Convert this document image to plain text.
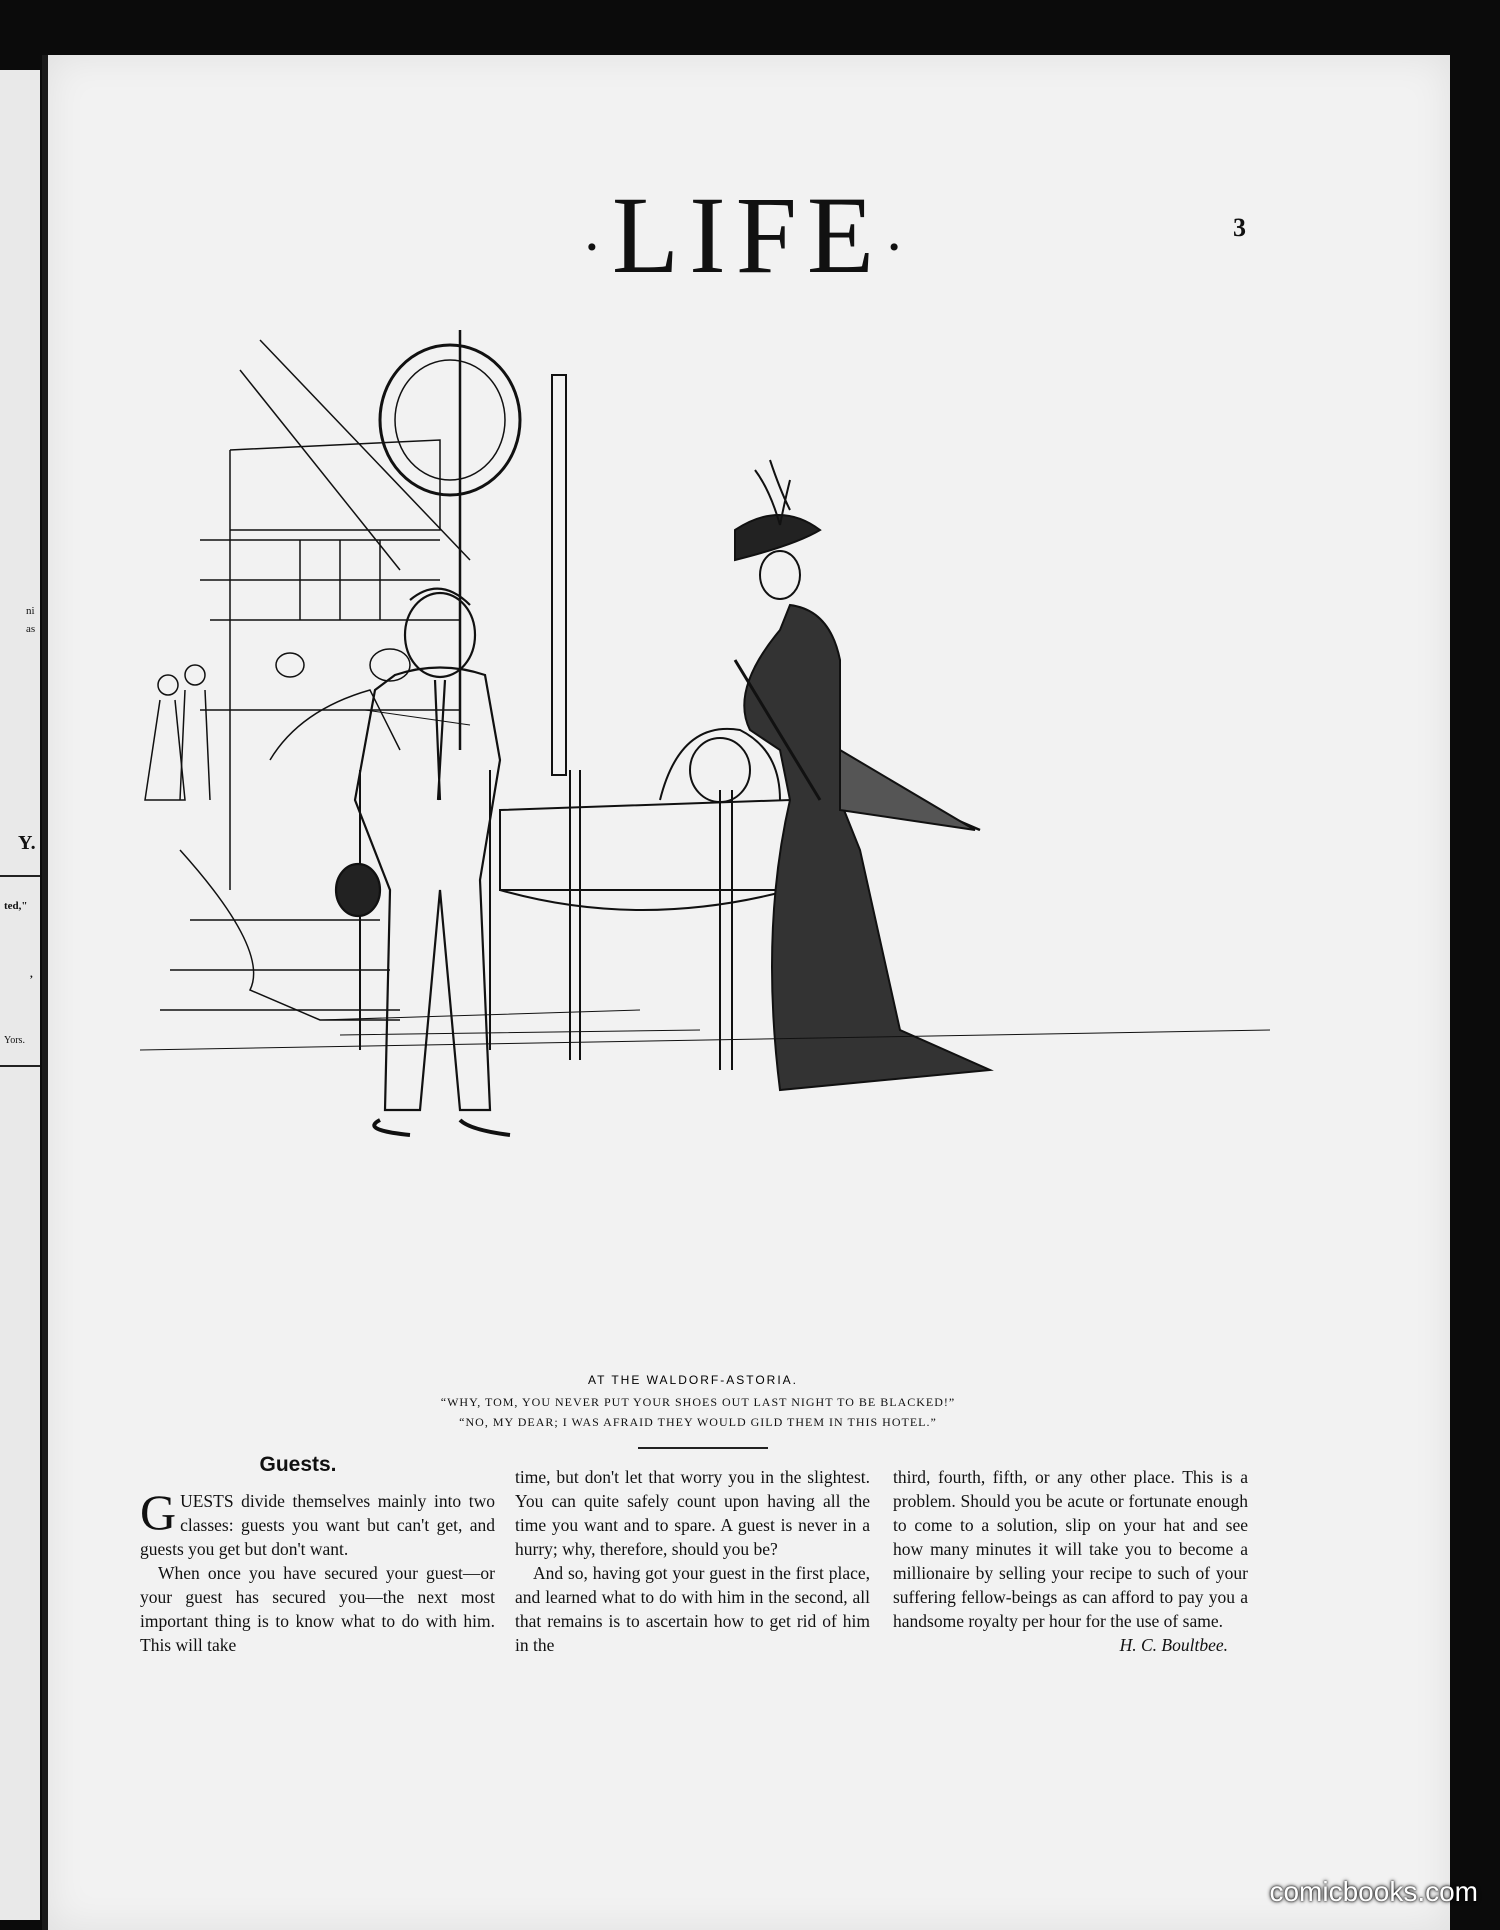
ni
as
Y.
ted,"
,
Yors.
·LIFE·	3
AT THE WALDORF-ASTORIA.
“WHY, TOM, YOU NEVER PUT YOUR SHOES OUT LAST NIGHT TO BE BLACKED!”
“NO, MY DEAR; I WAS AFRAID THEY WOULD GILD THEM IN THIS HOTEL.”
Guests.

GUESTS divide themselves mainly into two classes: guests you want but can't get, and guests you get but don't want.

When once you have secured your guest—or your guest has secured you—the next most important thing is to know what to do with him. This will take

time, but don't let that worry you in the slightest. You can quite safely count upon having all the time you want and to spare. A guest is never in a hurry; why, therefore, should you be?

And so, having got your guest in the first place, and learned what to do with him in the second, all that remains is to ascertain how to get rid of him in the

third, fourth, fifth, or any other place. This is a problem. Should you be acute or fortunate enough to come to a solution, slip on your hat and see how many minutes it will take you to become a millionaire by selling your recipe to such of your suffering fellow-beings as can afford to pay you a handsome royalty per hour for the use of same.
H. C. Boultbee.

comicbooks.com
